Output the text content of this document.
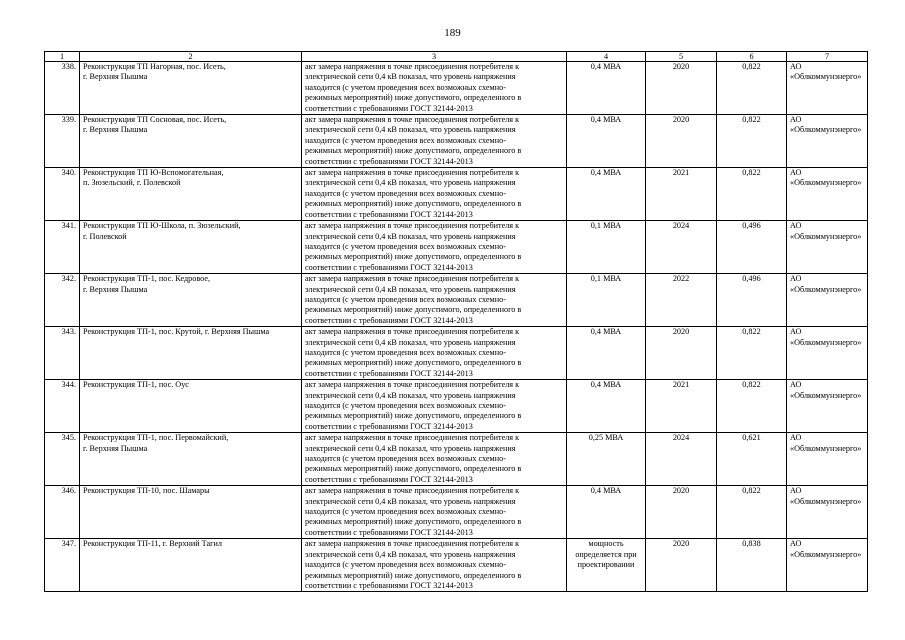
189
1	2	3	4	5	6	7
338.	Реконструкция ТП Нагорная, пос. Исеть,
г. Верхняя Пышма	акт замера напряжения в точке присоединения потребителя к
электрической сети 0,4 кВ показал, что уровень напряжения
находится (с учетом проведения всех возможных схемно-
режимных мероприятий) ниже допустимого, определенного в
соответствии с требованиями ГОСТ 32144-2013	0,4 МВА	2020	0,822	АО
«Облкоммунэнерго»
339.	Реконструкция ТП Сосновая, пос. Исеть,
г. Верхняя Пышма	акт замера напряжения в точке присоединения потребителя к
электрической сети 0,4 кВ показал, что уровень напряжения
находится (с учетом проведения всех возможных схемно-
режимных мероприятий) ниже допустимого, определенного в
соответствии с требованиями ГОСТ 32144-2013	0,4 МВА	2020	0,822	АО
«Облкоммунэнерго»
340.	Реконструкция ТП Ю-Вспомогательная,
п. Зюзельский, г. Полевской	акт замера напряжения в точке присоединения потребителя к
электрической сети 0,4 кВ показал, что уровень напряжения
находится (с учетом проведения всех возможных схемно-
режимных мероприятий) ниже допустимого, определенного в
соответствии с требованиями ГОСТ 32144-2013	0,4 МВА	2021	0,822	АО
«Облкоммунэнерго»
341.	Реконструкция ТП Ю-Школа, п. Зюзельский,
г. Полевской	акт замера напряжения в точке присоединения потребителя к
электрической сети 0,4 кВ показал, что уровень напряжения
находится (с учетом проведения всех возможных схемно-
режимных мероприятий) ниже допустимого, определенного в
соответствии с требованиями ГОСТ 32144-2013	0,1 МВА	2024	0,496	АО
«Облкоммунэнерго»
342.	Реконструкция ТП-1, пос. Кедровое,
г. Верхняя Пышма	акт замера напряжения в точке присоединения потребителя к
электрической сети 0,4 кВ показал, что уровень напряжения
находится (с учетом проведения всех возможных схемно-
режимных мероприятий) ниже допустимого, определенного в
соответствии с требованиями ГОСТ 32144-2013	0,1 МВА	2022	0,496	АО
«Облкоммунэнерго»
343.	Реконструкция ТП-1, пос. Крутой, г. Верхняя Пышма	акт замера напряжения в точке присоединения потребителя к
электрической сети 0,4 кВ показал, что уровень напряжения
находится (с учетом проведения всех возможных схемно-
режимных мероприятий) ниже допустимого, определенного в
соответствии с требованиями ГОСТ 32144-2013	0,4 МВА	2020	0,822	АО
«Облкоммунэнерго»
344.	Реконструкция ТП-1, пос. Оус	акт замера напряжения в точке присоединения потребителя к
электрической сети 0,4 кВ показал, что уровень напряжения
находится (с учетом проведения всех возможных схемно-
режимных мероприятий) ниже допустимого, определенного в
соответствии с требованиями ГОСТ 32144-2013	0,4 МВА	2021	0,822	АО
«Облкоммунэнерго»
345.	Реконструкция ТП-1, пос. Первомайский,
г. Верхняя Пышма	акт замера напряжения в точке присоединения потребителя к
электрической сети 0,4 кВ показал, что уровень напряжения
находится (с учетом проведения всех возможных схемно-
режимных мероприятий) ниже допустимого, определенного в
соответствии с требованиями ГОСТ 32144-2013	0,25 МВА	2024	0,621	АО
«Облкоммунэнерго»
346.	Реконструкция ТП-10, пос. Шамары	акт замера напряжения в точке присоединения потребителя к
электрической сети 0,4 кВ показал, что уровень напряжения
находится (с учетом проведения всех возможных схемно-
режимных мероприятий) ниже допустимого, определенного в
соответствии с требованиями ГОСТ 32144-2013	0,4 МВА	2020	0,822	АО
«Облкоммунэнерго»
347.	Реконструкция ТП-11, г. Верхний Тагил	акт замера напряжения в точке присоединения потребителя к
электрической сети 0,4 кВ показал, что уровень напряжения
находится (с учетом проведения всех возможных схемно-
режимных мероприятий) ниже допустимого, определенного в
соответствии с требованиями ГОСТ 32144-2013	мощность определяется при проектировании	2020	0,838	АО
«Облкоммунэнерго»
